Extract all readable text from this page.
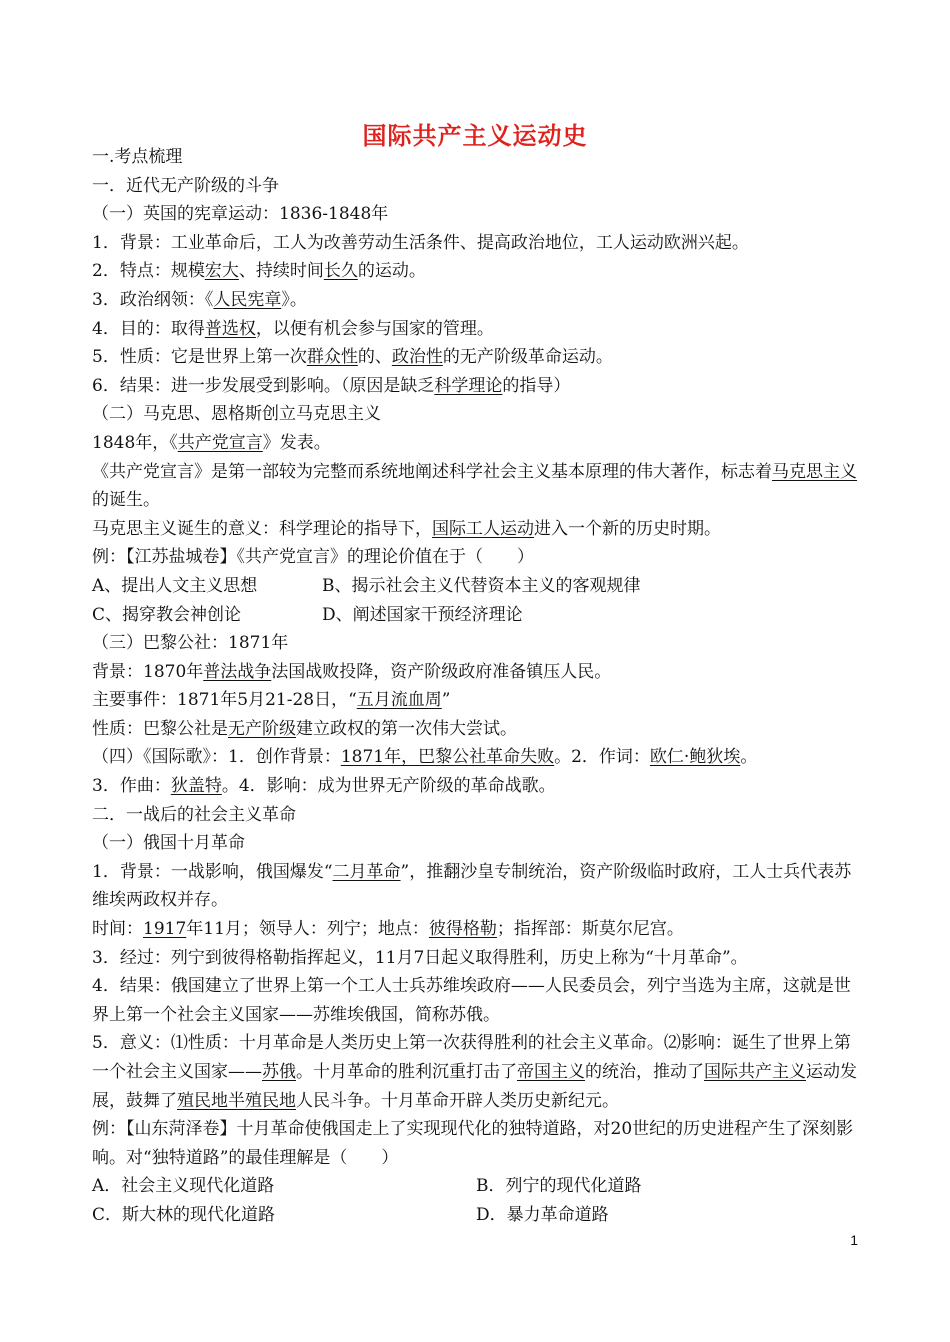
国际共产主义运动史
一.考点梳理
一．近代无产阶级的斗争
（一）英国的宪章运动：1836-1848年
1．背景：工业革命后，工人为改善劳动生活条件、提高政治地位，工人运动欧洲兴起。
2．特点：规模宏大、持续时间长久的运动。
3．政治纲领：《人民宪章》。
4．目的：取得普选权，以便有机会参与国家的管理。
5．性质：它是世界上第一次群众性的、政治性的无产阶级革命运动。
6．结果：进一步发展受到影响。（原因是缺乏科学理论的指导）
（二）马克思、恩格斯创立马克思主义
1848年，《共产党宣言》发表。
《共产党宣言》是第一部较为完整而系统地阐述科学社会主义基本原理的伟大著作，标志着马克思主义的诞生。
马克思主义诞生的意义：科学理论的指导下，国际工人运动进入一个新的历史时期。
例：【江苏盐城卷】《共产党宣言》的理论价值在于（　　）
A、提出人文主义思想	B、揭示社会主义代替资本主义的客观规律
C、揭穿教会神创论	D、阐述国家干预经济理论
（三）巴黎公社：1871年
背景：1870年普法战争法国战败投降，资产阶级政府准备镇压人民。
主要事件：1871年5月21-28日，“五月流血周”
性质：巴黎公社是无产阶级建立政权的第一次伟大尝试。
（四）《国际歌》：1．创作背景：1871年，巴黎公社革命失败。2．作词：欧仁·鲍狄埃。
3．作曲：狄盖特。4．影响：成为世界无产阶级的革命战歌。
二．一战后的社会主义革命
（一）俄国十月革命
1．背景：一战影响，俄国爆发“二月革命”，推翻沙皇专制统治，资产阶级临时政府，工人士兵代表苏维埃两政权并存。
时间：1917年11月；领导人：列宁；地点：彼得格勒；指挥部：斯莫尔尼宫。
3．经过：列宁到彼得格勒指挥起义，11月7日起义取得胜利，历史上称为“十月革命”。
4．结果：俄国建立了世界上第一个工人士兵苏维埃政府——人民委员会，列宁当选为主席，这就是世界上第一个社会主义国家——苏维埃俄国，简称苏俄。
5．意义：⑴性质：十月革命是人类历史上第一次获得胜利的社会主义革命。⑵影响：诞生了世界上第一个社会主义国家——苏俄。十月革命的胜利沉重打击了帝国主义的统治，推动了国际共产主义运动发展，鼓舞了殖民地半殖民地人民斗争。十月革命开辟人类历史新纪元。
例：【山东菏泽卷】十月革命使俄国走上了实现现代化的独特道路，对20世纪的历史进程产生了深刻影响。对“独特道路”的最佳理解是（　　）
A．社会主义现代化道路	B．列宁的现代化道路
C．斯大林的现代化道路	D．暴力革命道路
1
